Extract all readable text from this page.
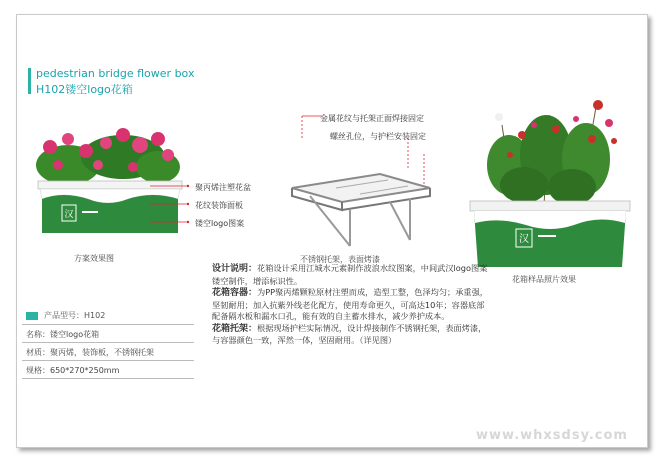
pedestrian bridge flower box
H102镂空logo花箱
汉
方案效果图
聚丙烯注塑花盆
花纹装饰面板
镂空logo图案
金属花纹与托架正面焊接固定
螺丝孔位，与护栏安装固定
不锈钢托架，表面烤漆
汉
花箱样品照片效果
产品型号：H102
名称：镂空logo花箱
材质：聚丙烯，装饰板，不锈钢托架
规格：650*270*250mm

设计说明：花箱设计采用江城水元素制作波浪水纹图案，中间武汉logo图案镂空制作，增添标识性。

花箱容器：为PP聚丙烯颗粒原材注塑而成，造型工整，色泽均匀；承重强，坚韧耐用；加入抗紫外线老化配方，使用寿命更久，可高达10年；容器底部配备隔水板和漏水口孔，能有效的自主蓄水排水，减少养护成本。

花箱托架：根据现场护栏实际情况，设计焊接制作不锈钢托架，表面烤漆，与容器颜色一致，浑然一体，坚固耐用。（详见图）

www.whxsdsy.com
